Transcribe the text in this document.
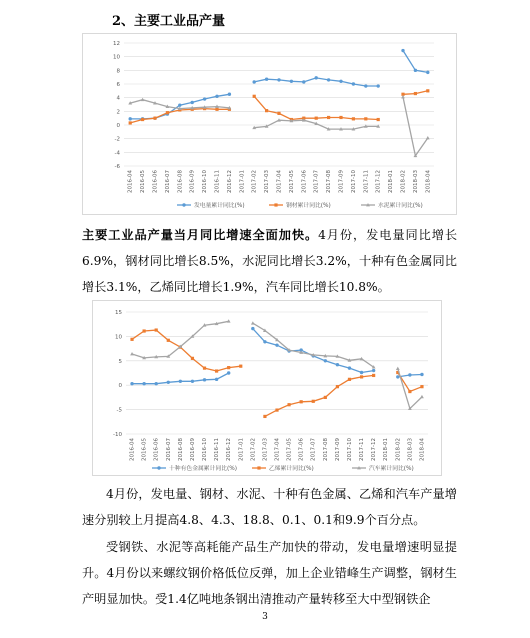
2、主要工业品产量
12
10
8
6
4
2
0
-2
-4
-6
2016-04 2016-05 2016-06 2016-07 2016-08 2016-09 2016-10 2016-11 2016-12 2017-01 2017-02 2017-03 2017-04 2017-05 2017-06 2017-07 2017-08 2017-09 2017-10 2017-11 2017-12 2018-01 2018-02 2018-03 2018-04
发电量累计同比(%)	钢材累计同比(%)	水泥累计同比(%)
主要工业品产量当月同比增速全面加快。4月份，发电量同比增长6.9%，钢材同比增长8.5%，水泥同比增长3.2%，十种有色金属同比增长3.1%，乙烯同比增长1.9%，汽车同比增长10.8%。
15
10
5
0
-5
-10
2016-04 2016-05 2016-06 2016-07 2016-08 2016-09 2016-10 2016-11 2016-12 2017-01 2017-02 2017-03 2017-04 2017-05 2017-06 2017-07 2017-08 2017-09 2017-10 2017-11 2017-12 2018-01 2018-02 2018-03 2018-04
十种有色金属累计同比(%)	乙烯累计同比(%)	汽车累计同比(%)
4月份，发电量、钢材、水泥、十种有色金属、乙烯和汽车产量增速分别较上月提高4.8、4.3、18.8、0.1、0.1和9.9个百分点。
受钢铁、水泥等高耗能产品生产加快的带动，发电量增速明显提升。4月份以来螺纹钢价格低位反弹，加上企业错峰生产调整，钢材生产明显加快。受1.4亿吨地条钢出清推动产量转移至大中型钢铁企
3
